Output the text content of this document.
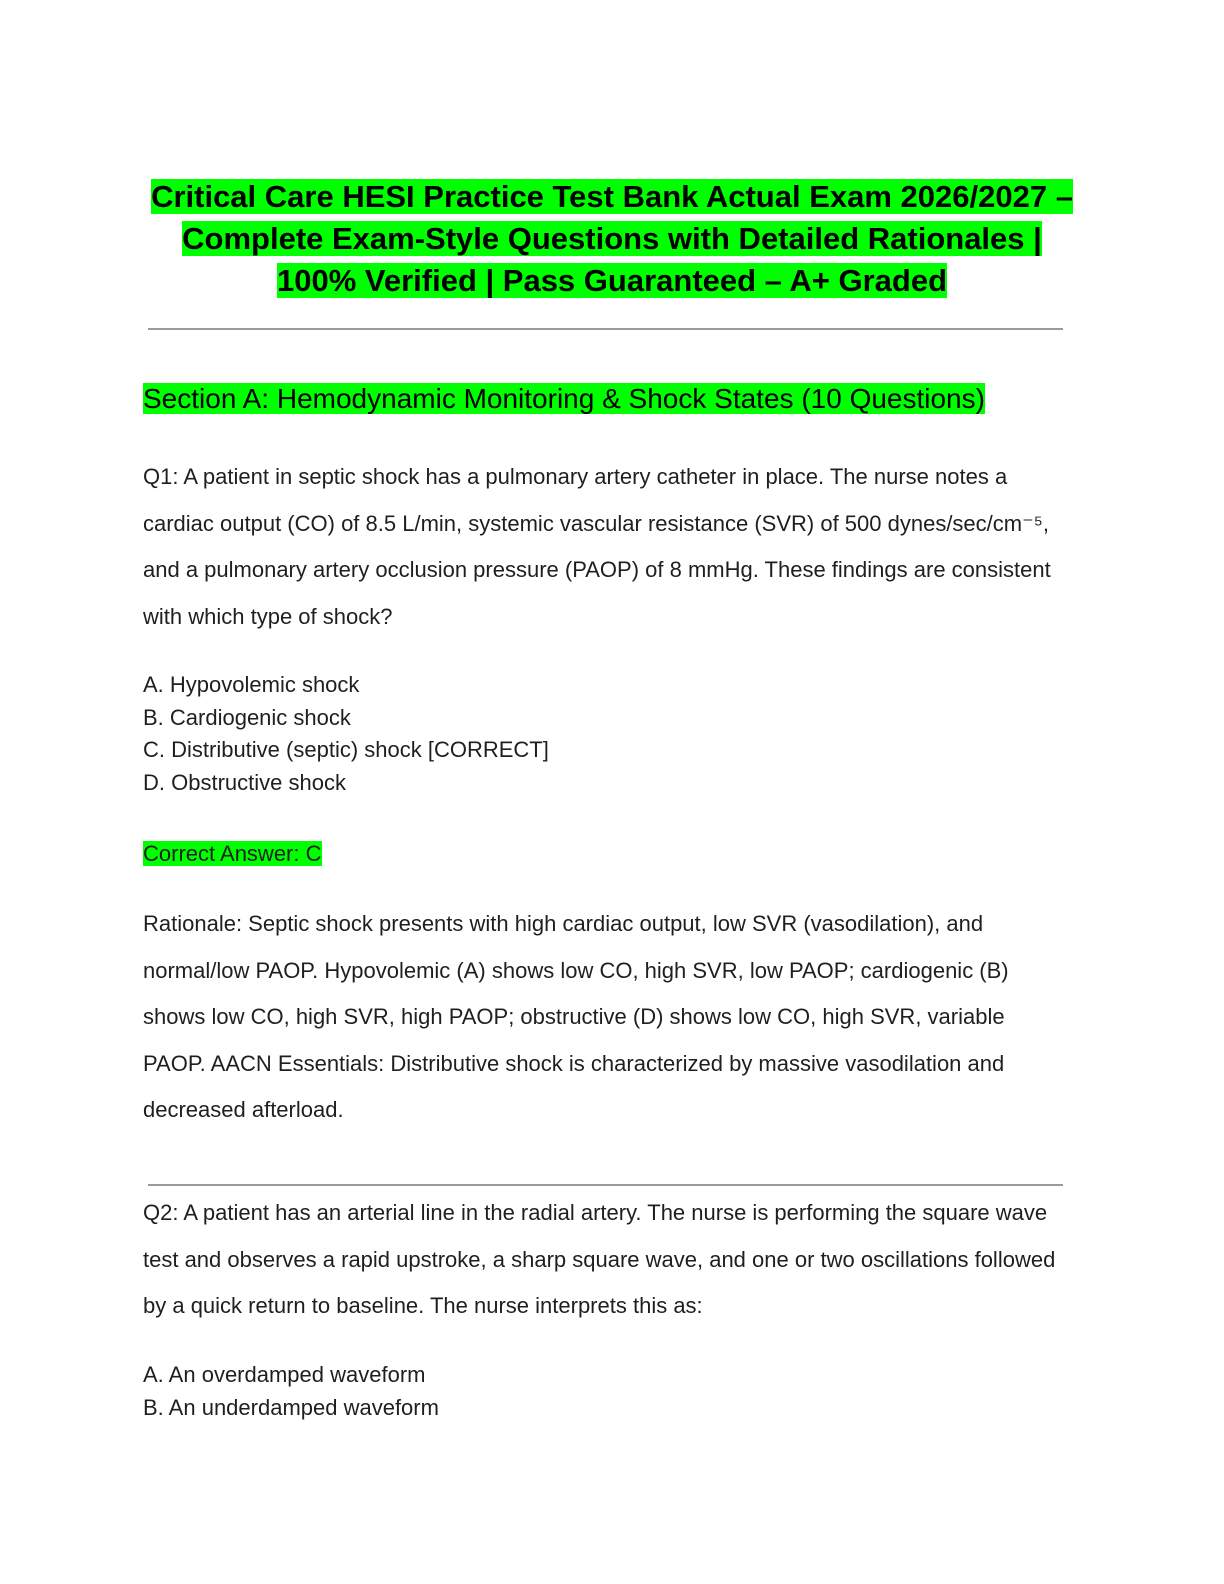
Critical Care HESI Practice Test Bank Actual Exam 2026/2027 – Complete Exam-Style Questions with Detailed Rationales | 100% Verified | Pass Guaranteed – A+ Graded
Section A: Hemodynamic Monitoring & Shock States (10 Questions)

Q1: A patient in septic shock has a pulmonary artery catheter in place. The nurse notes a cardiac output (CO) of 8.5 L/min, systemic vascular resistance (SVR) of 500 dynes/sec/cm⁻⁵, and a pulmonary artery occlusion pressure (PAOP) of 8 mmHg. These findings are consistent with which type of shock?

A. Hypovolemic shock
B. Cardiogenic shock
C. Distributive (septic) shock [CORRECT]
D. Obstructive shock

Correct Answer: C

Rationale: Septic shock presents with high cardiac output, low SVR (vasodilation), and normal/low PAOP. Hypovolemic (A) shows low CO, high SVR, low PAOP; cardiogenic (B) shows low CO, high SVR, high PAOP; obstructive (D) shows low CO, high SVR, variable PAOP. AACN Essentials: Distributive shock is characterized by massive vasodilation and decreased afterload.

Q2: A patient has an arterial line in the radial artery. The nurse is performing the square wave test and observes a rapid upstroke, a sharp square wave, and one or two oscillations followed by a quick return to baseline. The nurse interprets this as:

A. An overdamped waveform
B. An underdamped waveform
